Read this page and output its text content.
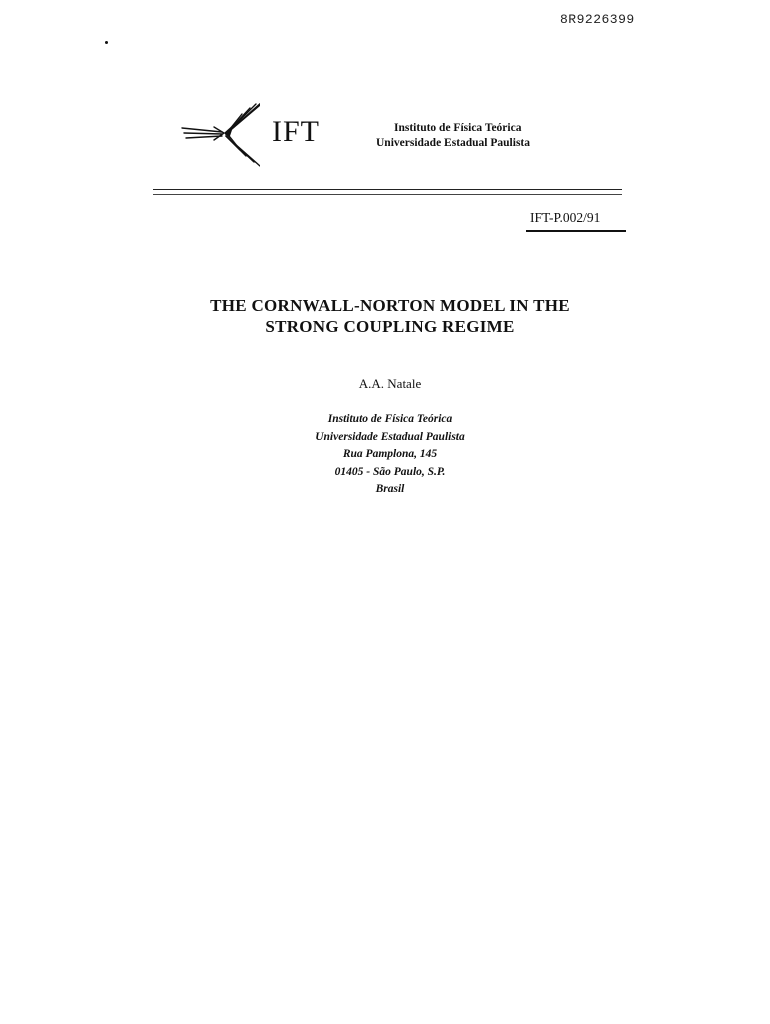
8R9226399
IFT	Instituto de Física Teórica
Universidade Estadual Paulista
IFT-P.002/91
THE CORNWALL-NORTON MODEL IN THE
STRONG COUPLING REGIME
A.A. Natale
Instituto de Física Teórica
Universidade Estadual Paulista
Rua Pamplona, 145
01405 - São Paulo, S.P.
Brasil
